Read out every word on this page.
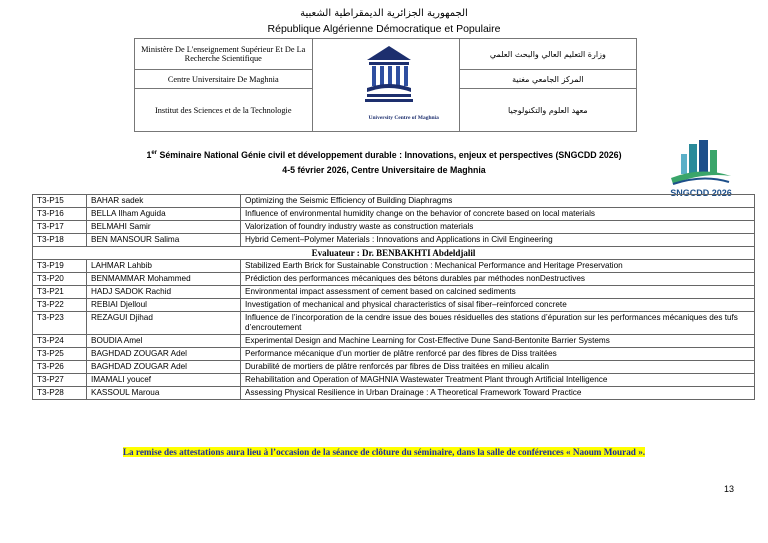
الجمهورية الجزائرية الديمقراطية الشعبية
République Algérienne Démocratique et Populaire
Ministère De L'enseignement Supérieur Et De La Recherche Scientifique	University Centre of Maghnia	وزارة التعليم العالي والبحث العلمي
Centre Universitaire De Maghnia		المركز الجامعي مغنية
Institut des Sciences et de la Technologie		معهد العلوم والتكنولوجيا
1er Séminaire National Génie civil et développement durable : Innovations, enjeux et perspectives (SNGCDD 2026)
4-5 février 2026, Centre Universitaire de Maghnia
SNGCDD 2026
T3-P15	BAHAR sadek	Optimizing the Seismic Efficiency of Building Diaphragms
T3-P16	BELLA Ilham Aguida	Influence of environmental humidity change on the behavior of concrete based on local materials
T3-P17	BELMAHI Samir	Valorization of foundry industry waste as construction materials
T3-P18	BEN MANSOUR Salima	Hybrid Cement–Polymer Materials : Innovations and Applications in Civil Engineering
Evaluateur : Dr. BENBAKHTI Abdeldjalil		
T3-P19	LAHMAR Lahbib	Stabilized Earth Brick for Sustainable Construction : Mechanical Performance and Heritage Preservation
T3-P20	BENMAMMAR Mohammed	Prédiction des performances mécaniques des bétons durables par méthodes nonDestructives
T3-P21	HADJ SADOK Rachid	Environmental impact assessment of cement based on calcined sediments
T3-P22	REBIAI Djelloul	Investigation of mechanical and physical characteristics of sisal fiber–reinforced concrete
T3-P23	REZAGUI Djihad	Influence de l’incorporation de la cendre issue des boues résiduelles des stations d’épuration sur les performances mécaniques des tufs d’encroutement
T3-P24	BOUDIA Amel	Experimental Design and Machine Learning for Cost-Effective Dune Sand-Bentonite Barrier Systems
T3-P25	BAGHDAD ZOUGAR Adel	Performance mécanique d’un mortier de plâtre renforcé par des fibres de Diss traitées
T3-P26	BAGHDAD ZOUGAR Adel	Durabilité de mortiers de plâtre renforcés par fibres de Diss traitées en milieu alcalin
T3-P27	IMAMALI youcef	Rehabilitation and Operation of MAGHNIA Wastewater Treatment Plant through Artificial Intelligence
T3-P28	KASSOUL Maroua	Assessing Physical Resilience in Urban Drainage : A Theoretical Framework Toward Practice
La remise des attestations aura lieu à l’occasion de la séance de clôture du séminaire, dans la salle de conférences « Naoum Mourad ».
13
